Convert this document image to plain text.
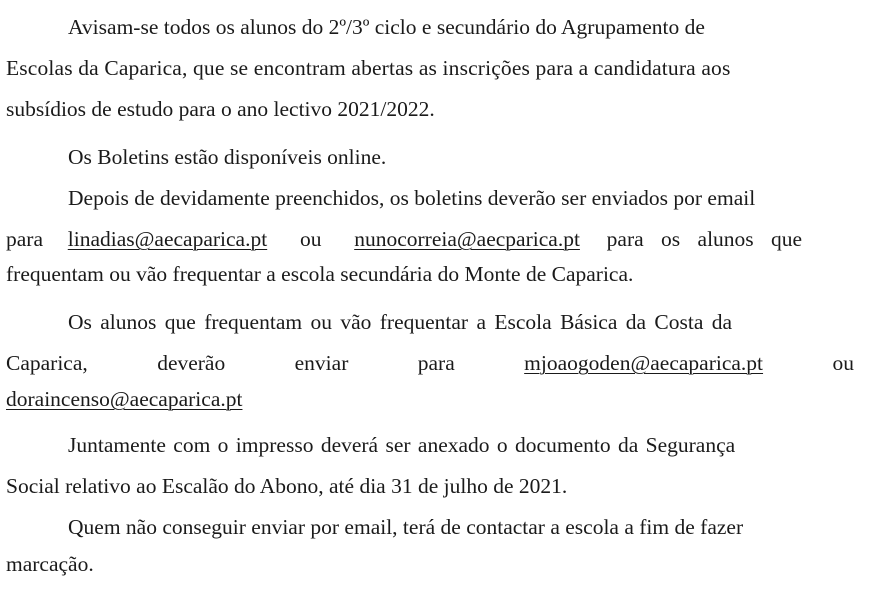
Avisam-se todos os alunos do 2º/3º ciclo e secundário do Agrupamento de
Escolas da Caparica, que se encontram abertas as inscrições para a candidatura aos
subsídios de estudo para o ano lectivo 2021/2022.
Os Boletins estão disponíveis online.
Depois de devidamente preenchidos, os boletins deverão ser enviados por email
para linadias@aecaparica.pt ou nunocorreia@aecparica.pt para os alunos que
frequentam ou vão frequentar a escola secundária do Monte de Caparica.
Os alunos que frequentam ou vão frequentar a Escola Básica da Costa da
Caparica,	deverão	enviar	para	mjoaogoden@aecaparica.pt	ou
doraincenso@aecaparica.pt
Juntamente com o impresso deverá ser anexado o documento da Segurança
Social relativo ao Escalão do Abono, até dia 31 de julho de 2021.
Quem não conseguir enviar por email, terá de contactar a escola a fim de fazer
marcação.
